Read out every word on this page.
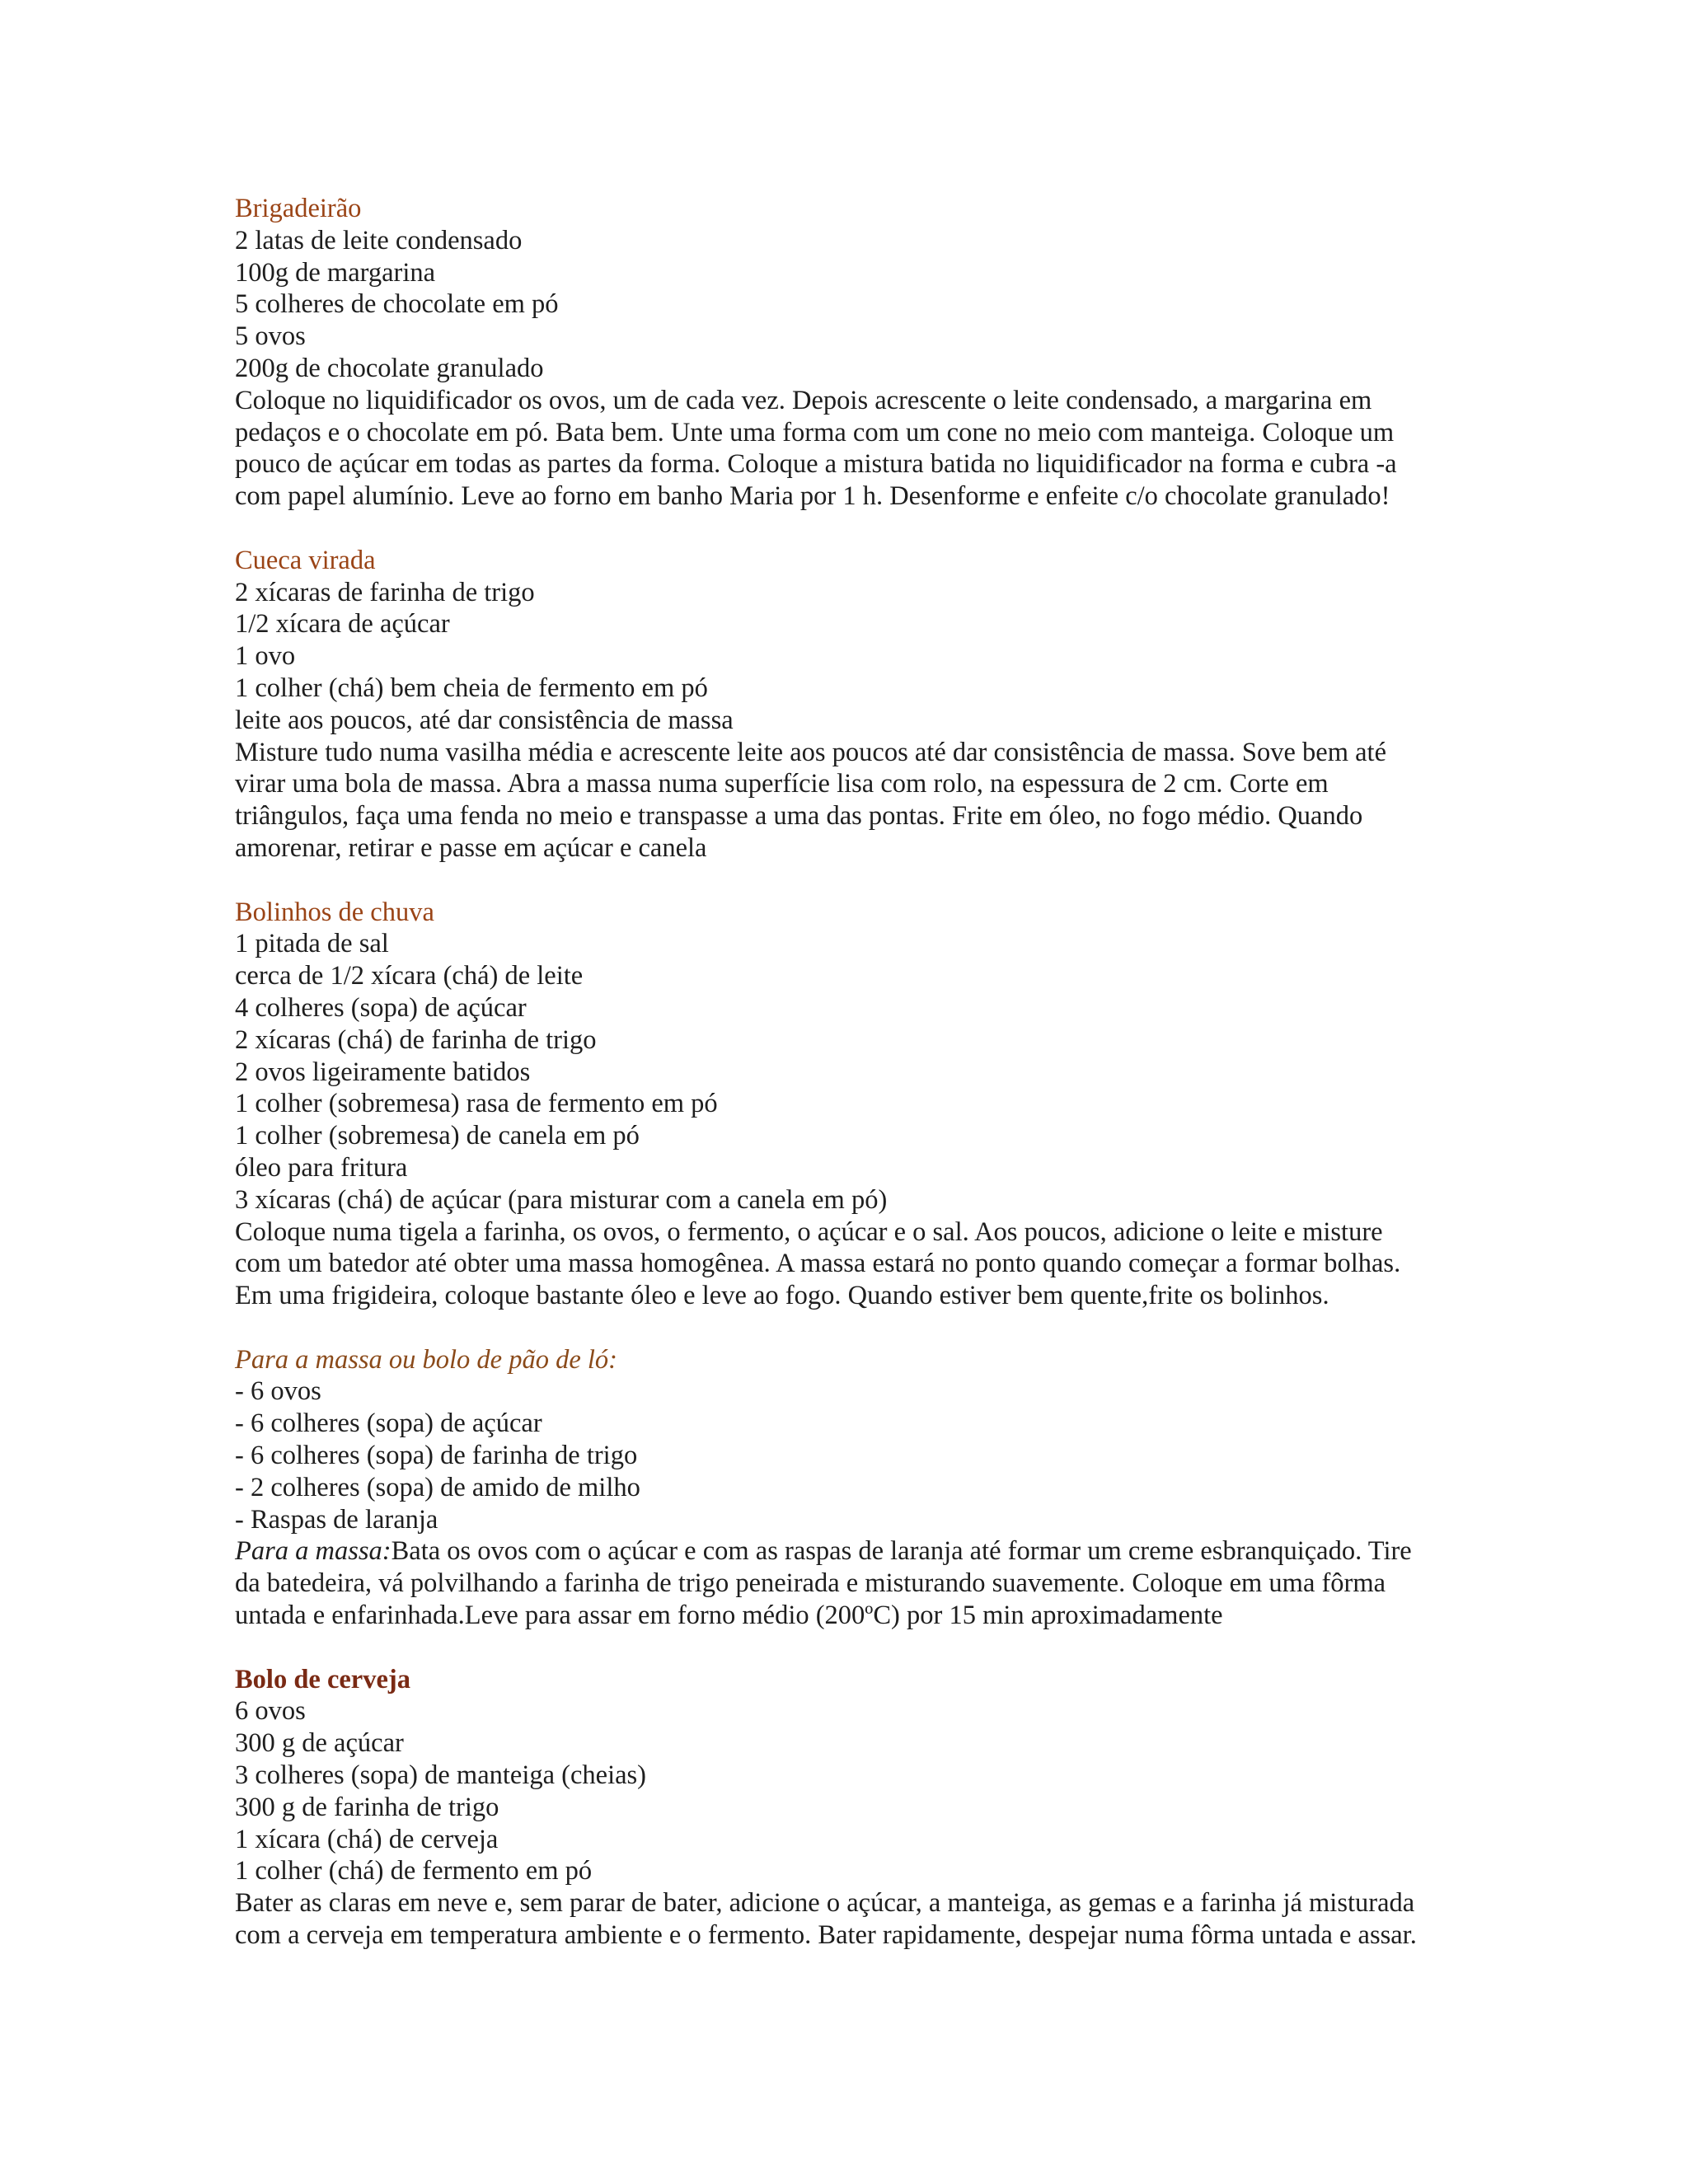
Brigadeirão
2 latas de leite condensado
100g de margarina
5 colheres de chocolate em pó
5 ovos
200g de chocolate granulado
Coloque no liquidificador os ovos, um de cada vez. Depois acrescente o leite condensado, a margarina em
pedaços e o chocolate em pó. Bata bem. Unte uma forma com um cone no meio com manteiga. Coloque um
pouco de açúcar em todas as partes da forma. Coloque a mistura batida no liquidificador na forma e cubra -a
com papel alumínio. Leve ao forno em banho Maria por 1 h. Desenforme e enfeite c/o chocolate granulado!
Cueca virada
2 xícaras de farinha de trigo
1/2 xícara de açúcar
1 ovo
1 colher (chá) bem cheia de fermento em pó
leite aos poucos, até dar consistência de massa
Misture tudo numa vasilha média e acrescente leite aos poucos até dar consistência de massa. Sove bem até
virar uma bola de massa. Abra a massa numa superfície lisa com rolo, na espessura de 2 cm. Corte em
triângulos, faça uma fenda no meio e transpasse a uma das pontas. Frite em óleo, no fogo médio. Quando
amorenar, retirar e passe em açúcar e canela
Bolinhos de chuva
1 pitada de sal
cerca de 1/2 xícara (chá) de leite
4 colheres (sopa) de açúcar
2 xícaras (chá) de farinha de trigo
2 ovos ligeiramente batidos
1 colher (sobremesa) rasa de fermento em pó
1 colher (sobremesa) de canela em pó
óleo para fritura
3 xícaras (chá) de açúcar (para misturar com a canela em pó)
Coloque numa tigela a farinha, os ovos, o fermento, o açúcar e o sal. Aos poucos, adicione o leite e misture
com um batedor até obter uma massa homogênea. A massa estará no ponto quando começar a formar bolhas.
Em uma frigideira, coloque bastante óleo e leve ao fogo. Quando estiver bem quente,frite os bolinhos.
Para a massa ou bolo de pão de ló:
- 6 ovos
- 6 colheres (sopa) de açúcar
- 6 colheres (sopa) de farinha de trigo
- 2 colheres (sopa) de amido de milho
- Raspas de laranja
Para a massa:Bata os ovos com o açúcar e com as raspas de laranja até formar um creme esbranquiçado. Tire
da batedeira, vá polvilhando a farinha de trigo peneirada e misturando suavemente. Coloque em uma fôrma
untada e enfarinhada.Leve para assar em forno médio (200ºC) por 15 min aproximadamente
Bolo de cerveja
6 ovos
300 g de açúcar
3 colheres (sopa) de manteiga (cheias)
300 g de farinha de trigo
1 xícara (chá) de cerveja
1 colher (chá) de fermento em pó
Bater as claras em neve e, sem parar de bater, adicione o açúcar, a manteiga, as gemas e a farinha já misturada
com a cerveja em temperatura ambiente e o fermento. Bater rapidamente, despejar numa fôrma untada e assar.
